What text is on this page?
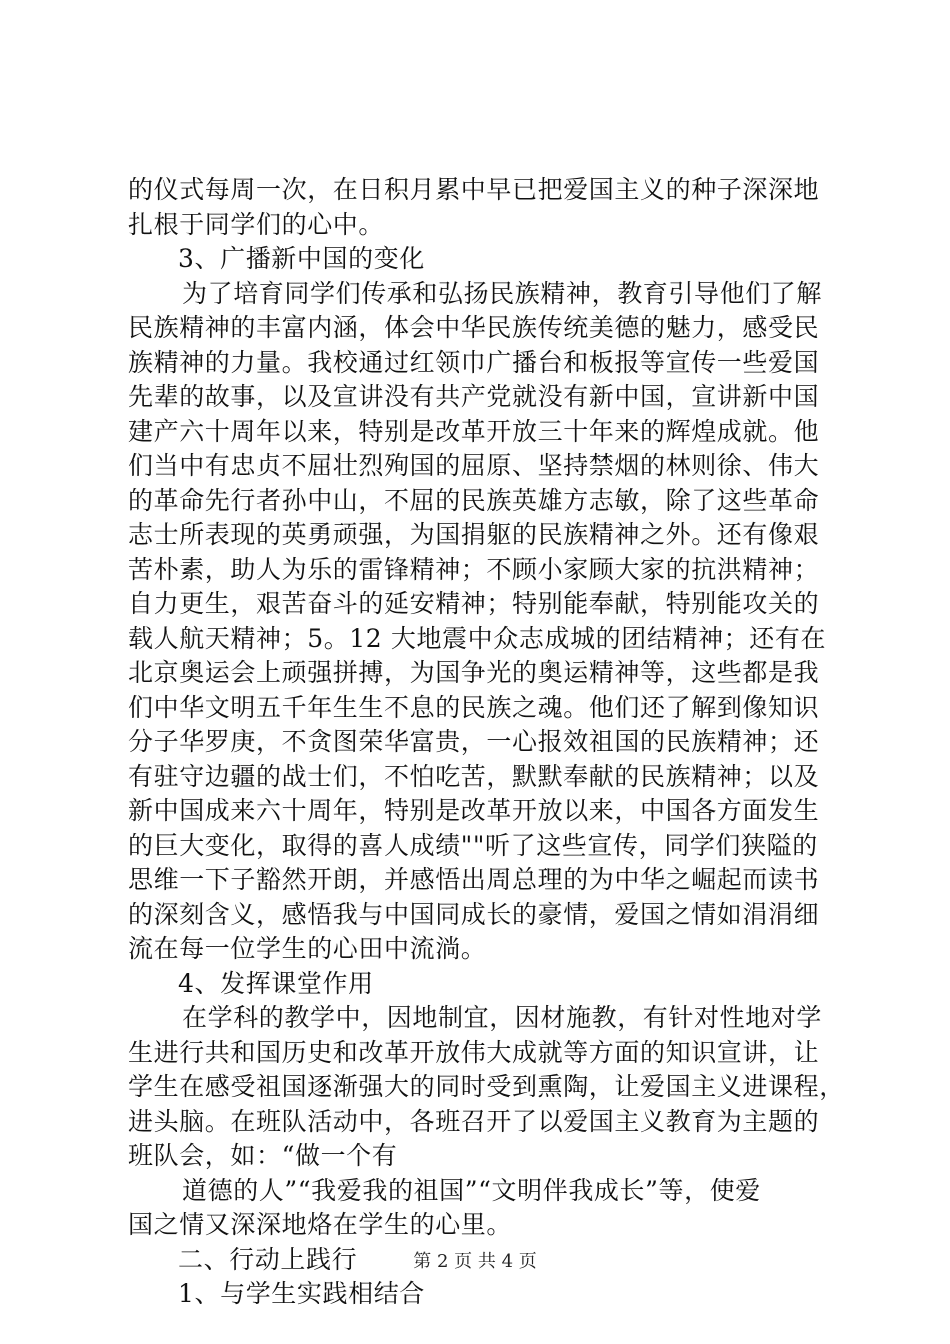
的仪式每周一次，在日积月累中早已把爱国主义的种子深深地
扎根于同学们的心中。
3、广播新中国的变化
为了培育同学们传承和弘扬民族精神，教育引导他们了解
民族精神的丰富内涵，体会中华民族传统美德的魅力，感受民
族精神的力量。我校通过红领巾广播台和板报等宣传一些爱国
先辈的故事，以及宣讲没有共产党就没有新中国，宣讲新中国
建产六十周年以来，特别是改革开放三十年来的辉煌成就。他
们当中有忠贞不屈壮烈殉国的屈原、坚持禁烟的林则徐、伟大
的革命先行者孙中山，不屈的民族英雄方志敏，除了这些革命
志士所表现的英勇顽强，为国捐躯的民族精神之外。还有像艰
苦朴素，助人为乐的雷锋精神；不顾小家顾大家的抗洪精神；
自力更生，艰苦奋斗的延安精神；特别能奉献，特别能攻关的
载人航天精神；5。12 大地震中众志成城的团结精神；还有在
北京奥运会上顽强拼搏，为国争光的奥运精神等，这些都是我
们中华文明五千年生生不息的民族之魂。他们还了解到像知识
分子华罗庚，不贪图荣华富贵，一心报效祖国的民族精神；还
有驻守边疆的战士们，不怕吃苦，默默奉献的民族精神；以及
新中国成来六十周年，特别是改革开放以来，中国各方面发生
的巨大变化，取得的喜人成绩""听了这些宣传，同学们狭隘的
思维一下子豁然开朗，并感悟出周总理的为中华之崛起而读书
的深刻含义，感悟我与中国同成长的豪情，爱国之情如涓涓细
流在每一位学生的心田中流淌。
4、发挥课堂作用
在学科的教学中，因地制宜，因材施教，有针对性地对学
生进行共和国历史和改革开放伟大成就等方面的知识宣讲，让
学生在感受祖国逐渐强大的同时受到熏陶，让爱国主义进课程，
进头脑。在班队活动中，各班召开了以爱国主义教育为主题的
班队会，如：“做一个有
道德的人”“我爱我的祖国”“文明伴我成长”等，使爱
国之情又深深地烙在学生的心里。
二、行动上践行
1、与学生实践相结合
第 2 页 共 4 页
